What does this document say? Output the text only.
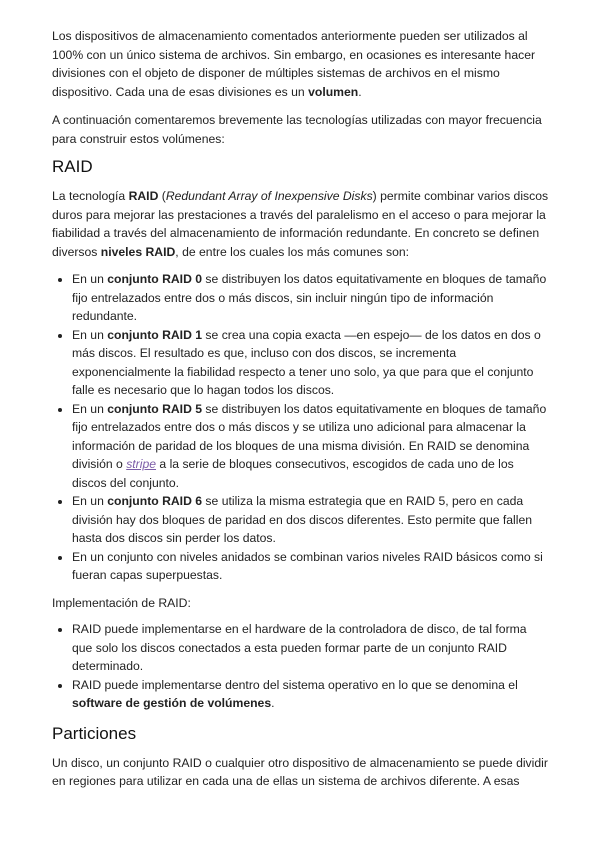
Los dispositivos de almacenamiento comentados anteriormente pueden ser utilizados al 100% con un único sistema de archivos. Sin embargo, en ocasiones es interesante hacer divisiones con el objeto de disponer de múltiples sistemas de archivos en el mismo dispositivo. Cada una de esas divisiones es un volumen.

A continuación comentaremos brevemente las tecnologías utilizadas con mayor frecuencia para construir estos volúmenes:

RAID

La tecnología RAID (Redundant Array of Inexpensive Disks) permite combinar varios discos duros para mejorar las prestaciones a través del paralelismo en el acceso o para mejorar la fiabilidad a través del almacenamiento de información redundante. En concreto se definen diversos niveles RAID, de entre los cuales los más comunes son:

• En un conjunto RAID 0 se distribuyen los datos equitativamente en bloques de tamaño fijo entrelazados entre dos o más discos, sin incluir ningún tipo de información redundante.
• En un conjunto RAID 1 se crea una copia exacta —en espejo— de los datos en dos o más discos. El resultado es que, incluso con dos discos, se incrementa exponencialmente la fiabilidad respecto a tener uno solo, ya que para que el conjunto falle es necesario que lo hagan todos los discos.
• En un conjunto RAID 5 se distribuyen los datos equitativamente en bloques de tamaño fijo entrelazados entre dos o más discos y se utiliza uno adicional para almacenar la información de paridad de los bloques de una misma división. En RAID se denomina división o stripe a la serie de bloques consecutivos, escogidos de cada uno de los discos del conjunto.
• En un conjunto RAID 6 se utiliza la misma estrategia que en RAID 5, pero en cada división hay dos bloques de paridad en dos discos diferentes. Esto permite que fallen hasta dos discos sin perder los datos.
• En un conjunto con niveles anidados se combinan varios niveles RAID básicos como si fueran capas superpuestas.

Implementación de RAID:

• RAID puede implementarse en el hardware de la controladora de disco, de tal forma que solo los discos conectados a esta pueden formar parte de un conjunto RAID determinado.
• RAID puede implementarse dentro del sistema operativo en lo que se denomina el software de gestión de volúmenes.
Particiones

Un disco, un conjunto RAID o cualquier otro dispositivo de almacenamiento se puede dividir en regiones para utilizar en cada una de ellas un sistema de archivos diferente. A esas
